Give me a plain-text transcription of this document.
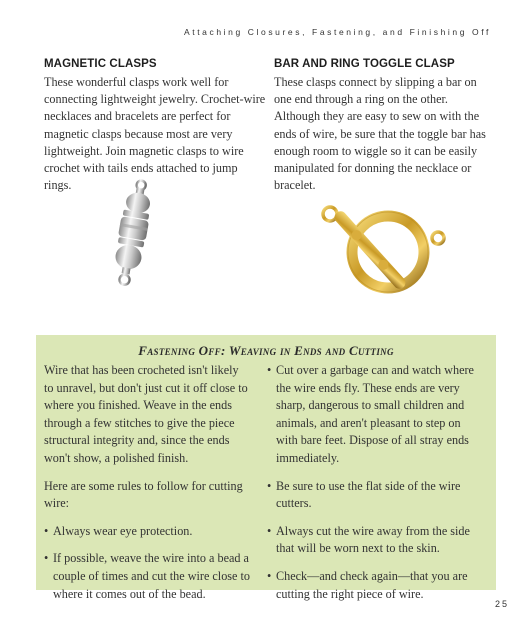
Attaching Closures, Fastening, and Finishing Off
MAGNETIC CLASPS

These wonderful clasps work well for connecting lightweight jewelry. Crochet-wire necklaces and bracelets are perfect for magnetic clasps because most are very lightweight. Join magnetic clasps to wire crochet with tails ends attached to jump rings.

BAR AND RING TOGGLE CLASP

These clasps connect by slipping a bar on one end through a ring on the other. Although they are easy to sew on with the ends of wire, be sure that the toggle bar has enough room to wiggle so it can be easily manipulated for donning the necklace or bracelet.

Fastening Off: Weaving in Ends and Cutting

Wire that has been crocheted isn't likely to unravel, but don't just cut it off close to where you finished. Weave in the ends through a few stitches to give the piece structural integrity and, since the ends won't show, a polished finish.

Here are some rules to follow for cutting wire:

• Always wear eye protection.
• If possible, weave the wire into a bead a couple of times and cut the wire close to where it comes out of the bead.
• Cut over a garbage can and watch where the wire ends fly. These ends are very sharp, dangerous to small children and animals, and aren't pleasant to step on with bare feet. Dispose of all stray ends immediately.
• Be sure to use the flat side of the wire cutters.
• Always cut the wire away from the side that will be worn next to the skin.
• Check—and check again—that you are cutting the right piece of wire.
25
